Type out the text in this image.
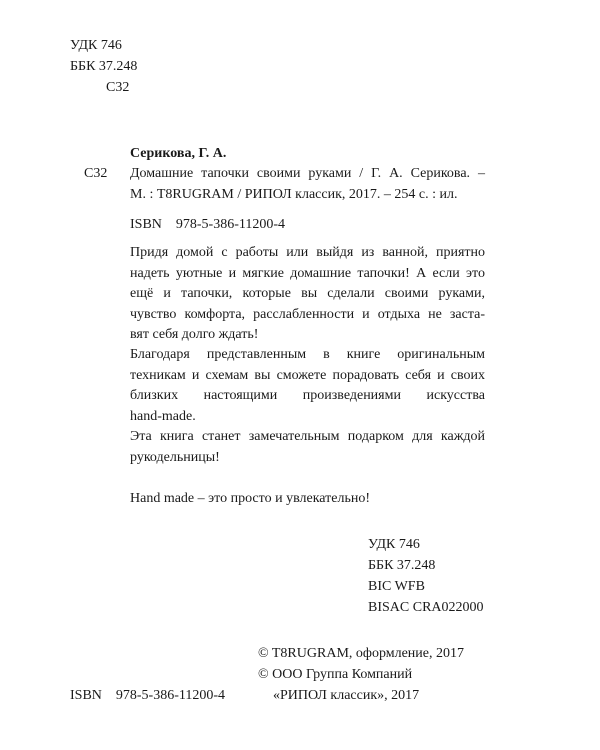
УДК 746
ББК 37.248
С32
Серикова, Г. А.
С32 Домашние тапочки своими руками / Г. А. Серикова. –
М. : T8RUGRAM / РИПОЛ классик, 2017. – 254 с. : ил.
ISBN    978-5-386-11200-4
Придя домой с работы или выйдя из ванной, приятно
надеть уютные и мягкие домашние тапочки! А если это
ещё и тапочки, которые вы сделали своими руками,
чувство комфорта, расслабленности и отдыха не заста-
вят себя долго ждать!
Благодаря представленным в книге оригинальным
техникам и схемам вы сможете порадовать себя и своих
близких настоящими произведениями искусства
hand-made.
Эта книга станет замечательным подарком для каждой
рукодельницы!
Hand made – это просто и увлекательно!
УДК 746
ББК 37.248
BIC WFB
BISAC CRA022000
© T8RUGRAM, оформление, 2017
© ООО Группа Компаний
ISBN    978-5-386-11200-4	«РИПОЛ классик», 2017
